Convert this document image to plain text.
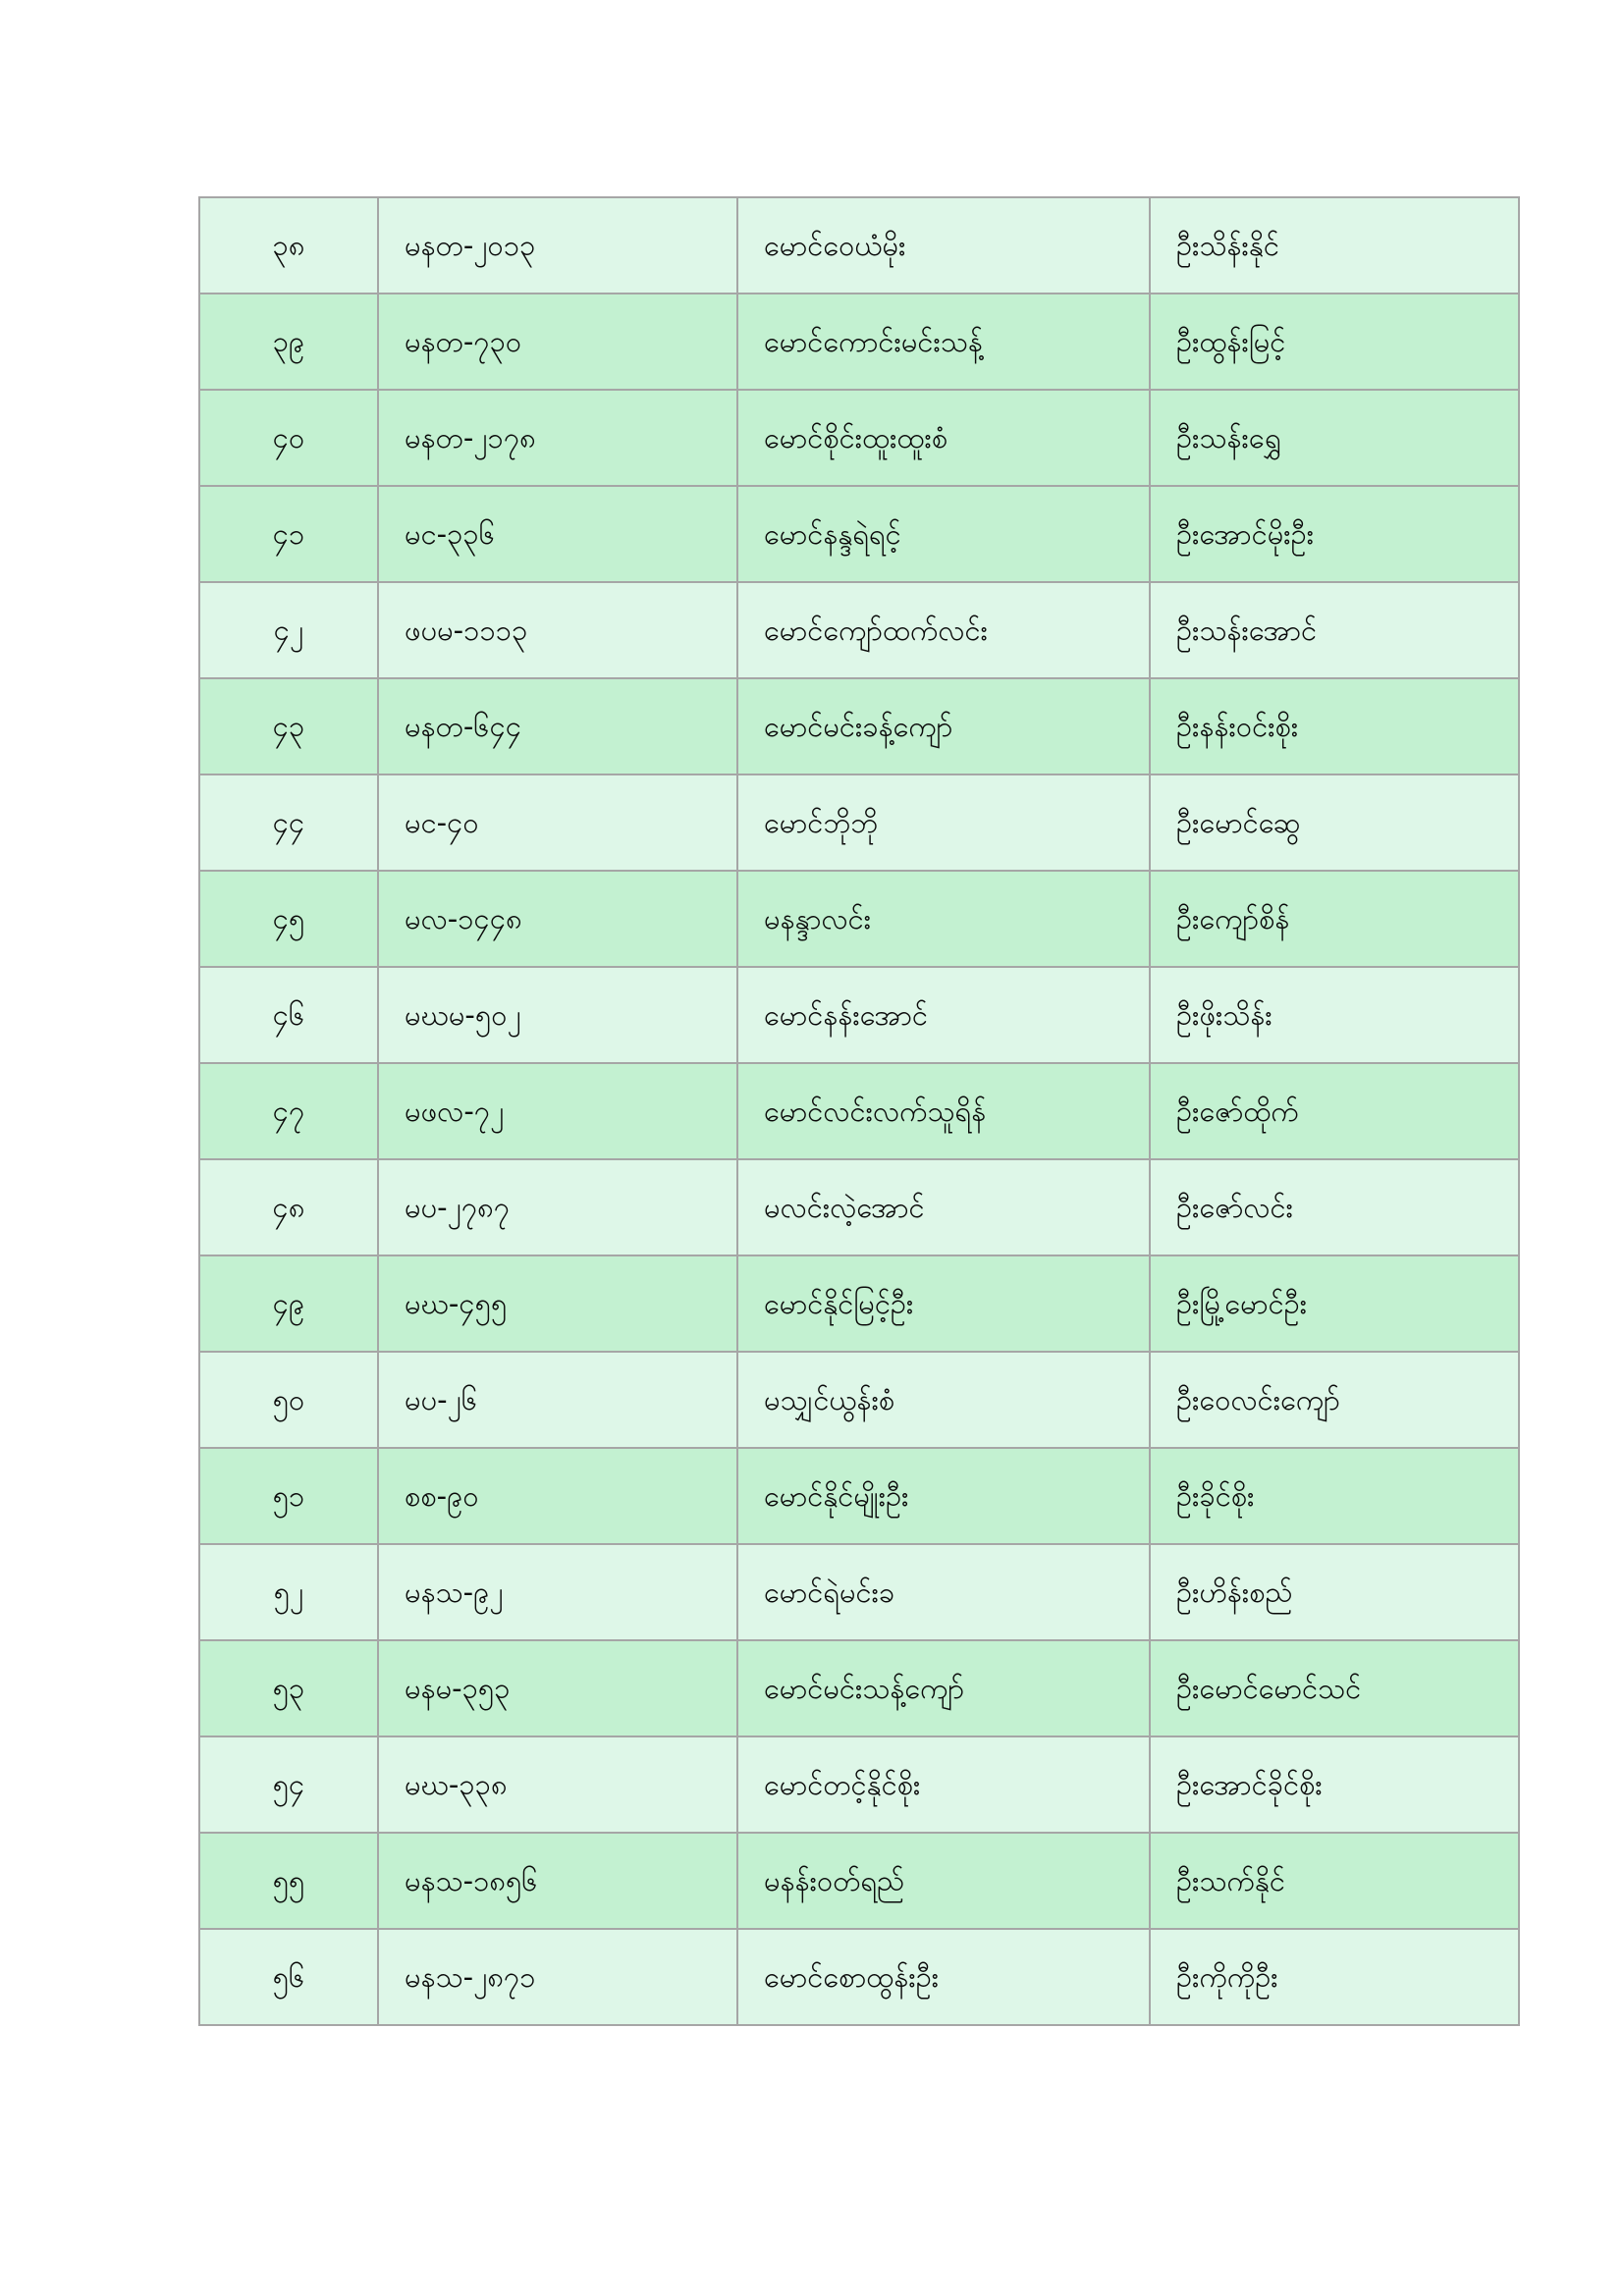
၃၈	မနတ-၂၀၁၃	မောင်ဝေယံမိုး	ဦးသိန်းနိုင်
၃၉	မနတ-၇၃၀	မောင်ကောင်းမင်းသန့်	ဦးထွန်းမြင့်
၄၀	မနတ-၂၁၇၈	မောင်စိုင်းထူးထူးစံ	ဦးသန်းရွှေ
၄၁	မင-၃၃၆	မောင်နန္ဒရဲရင့်	ဦးအောင်မိုးဦး
၄၂	ဖပမ-၁၁၁၃	မောင်ကျော်ထက်လင်း	ဦးသန်းအောင်
၄၃	မနတ-၆၄၄	မောင်မင်းခန့်ကျော်	ဦးနန်းဝင်းစိုး
၄၄	မင-၄၀	မောင်ဘိုဘို	ဦးမောင်ဆွေ
၄၅	မလ-၁၄၄၈	မနန္ဒာလင်း	ဦးကျော်စိန်
၄၆	မဃမ-၅၀၂	မောင်နန်းအောင်	ဦးဖိုးသိန်း
၄၇	မဖလ-၇၂	မောင်လင်းလက်သူရိန်	ဦးဇော်ထိုက်
၄၈	မပ-၂၇၈၇	မလင်းလဲ့အောင်	ဦးဇော်လင်း
၄၉	မဃ-၄၅၅	မောင်နိုင်မြင့်ဦး	ဦးမြို့မောင်ဦး
၅၀	မပ-၂၆	မသျှင်ယွန်းစံ	ဦးဝေလင်းကျော်
၅၁	စစ-၉၀	မောင်နိုင်မျိုးဦး	ဦးခိုင်စိုး
၅၂	မနသ-၉၂	မောင်ရဲမင်းခ	ဦးဟိန်းစည်
၅၃	မနမ-၃၅၃	မောင်မင်းသန့်ကျော်	ဦးမောင်မောင်သင်
၅၄	မဃ-၃၃၈	မောင်တင့်နိုင်စိုး	ဦးအောင်ခိုင်စိုး
၅၅	မနသ-၁၈၅၆	မနန်းဝတ်ရည်	ဦးသက်နိုင်
၅၆	မနသ-၂၈၇၁	မောင်စောထွန်းဦး	ဦးကိုကိုဦး
